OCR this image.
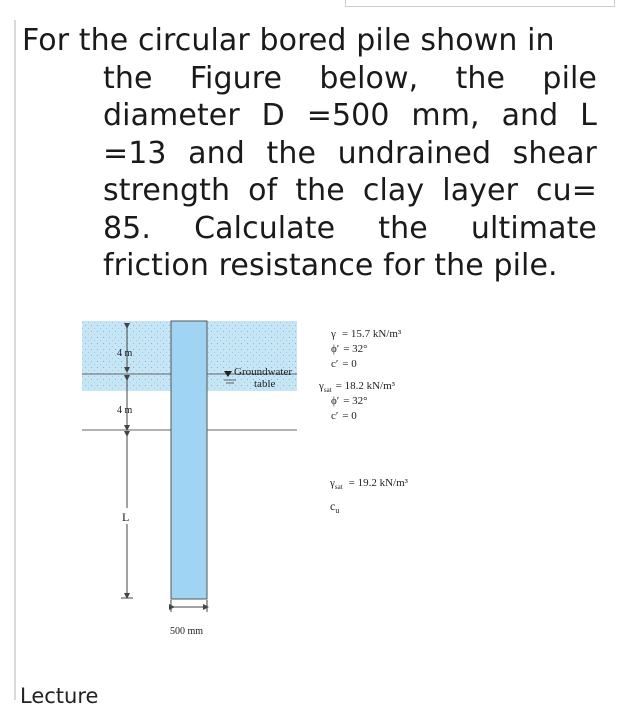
For the circular bored pile shown in
the Figure below, the pile diameter D =500 mm, and L =13 and the undrained shear strength of the clay layer cu= 85. Calculate the ultimate friction resistance for the pile.
Groundwater
table
4 m
4 m
L
500 mm
γ = 15.7 kN/m³
ϕ′ = 32°
c′ = 0
$\gamma_{sat} = 18.2$ kN/m³
ϕ′ = 32°
c′ = 0
$\gamma_{sat} = 19.2$ kN/m³
$c_u$
Lecture
